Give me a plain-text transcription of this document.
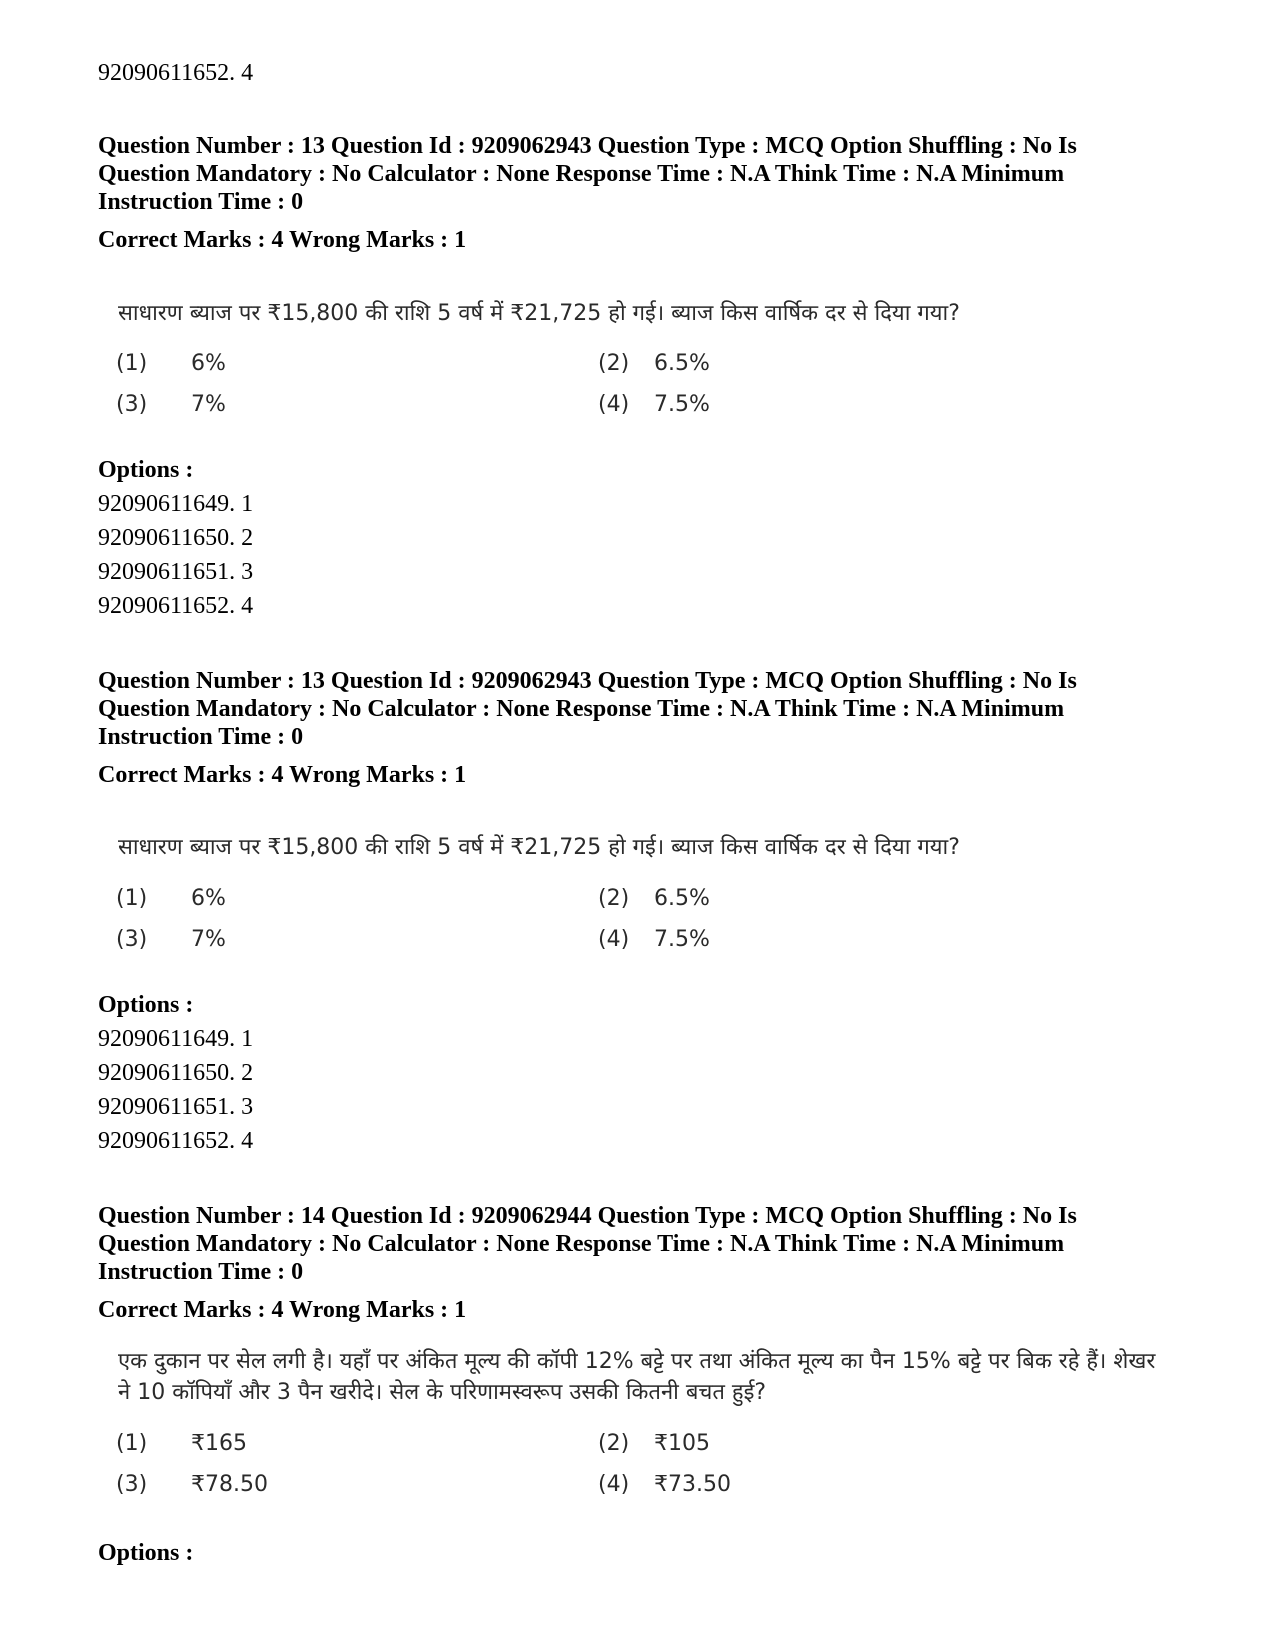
92090611652. 4
Question Number : 13 Question Id : 9209062943 Question Type : MCQ Option Shuffling : No Is Question Mandatory : No Calculator : None Response Time : N.A Think Time : N.A Minimum Instruction Time : 0
Correct Marks : 4 Wrong Marks : 1
साधारण ब्याज पर ₹15,800 की राशि 5 वर्ष में ₹21,725 हो गई। ब्याज किस वार्षिक दर से दिया गया?
(1) 6%	(2) 6.5%
(3) 7%	(4) 7.5%
Options :
92090611649. 1
92090611650. 2
92090611651. 3
92090611652. 4
Question Number : 13 Question Id : 9209062943 Question Type : MCQ Option Shuffling : No Is Question Mandatory : No Calculator : None Response Time : N.A Think Time : N.A Minimum Instruction Time : 0
Correct Marks : 4 Wrong Marks : 1
साधारण ब्याज पर ₹15,800 की राशि 5 वर्ष में ₹21,725 हो गई। ब्याज किस वार्षिक दर से दिया गया?
(1) 6%	(2) 6.5%
(3) 7%	(4) 7.5%
Options :
92090611649. 1
92090611650. 2
92090611651. 3
92090611652. 4
Question Number : 14 Question Id : 9209062944 Question Type : MCQ Option Shuffling : No Is Question Mandatory : No Calculator : None Response Time : N.A Think Time : N.A Minimum Instruction Time : 0
Correct Marks : 4 Wrong Marks : 1
एक दुकान पर सेल लगी है। यहाँ पर अंकित मूल्य की कॉपी 12% बट्टे पर तथा अंकित मूल्य का पैन 15% बट्टे पर बिक रहे हैं। शेखर ने 10 कॉपियाँ और 3 पैन खरीदे। सेल के परिणामस्वरूप उसकी कितनी बचत हुई?
(1) ₹165	(2) ₹105
(3) ₹78.50	(4) ₹73.50
Options :
